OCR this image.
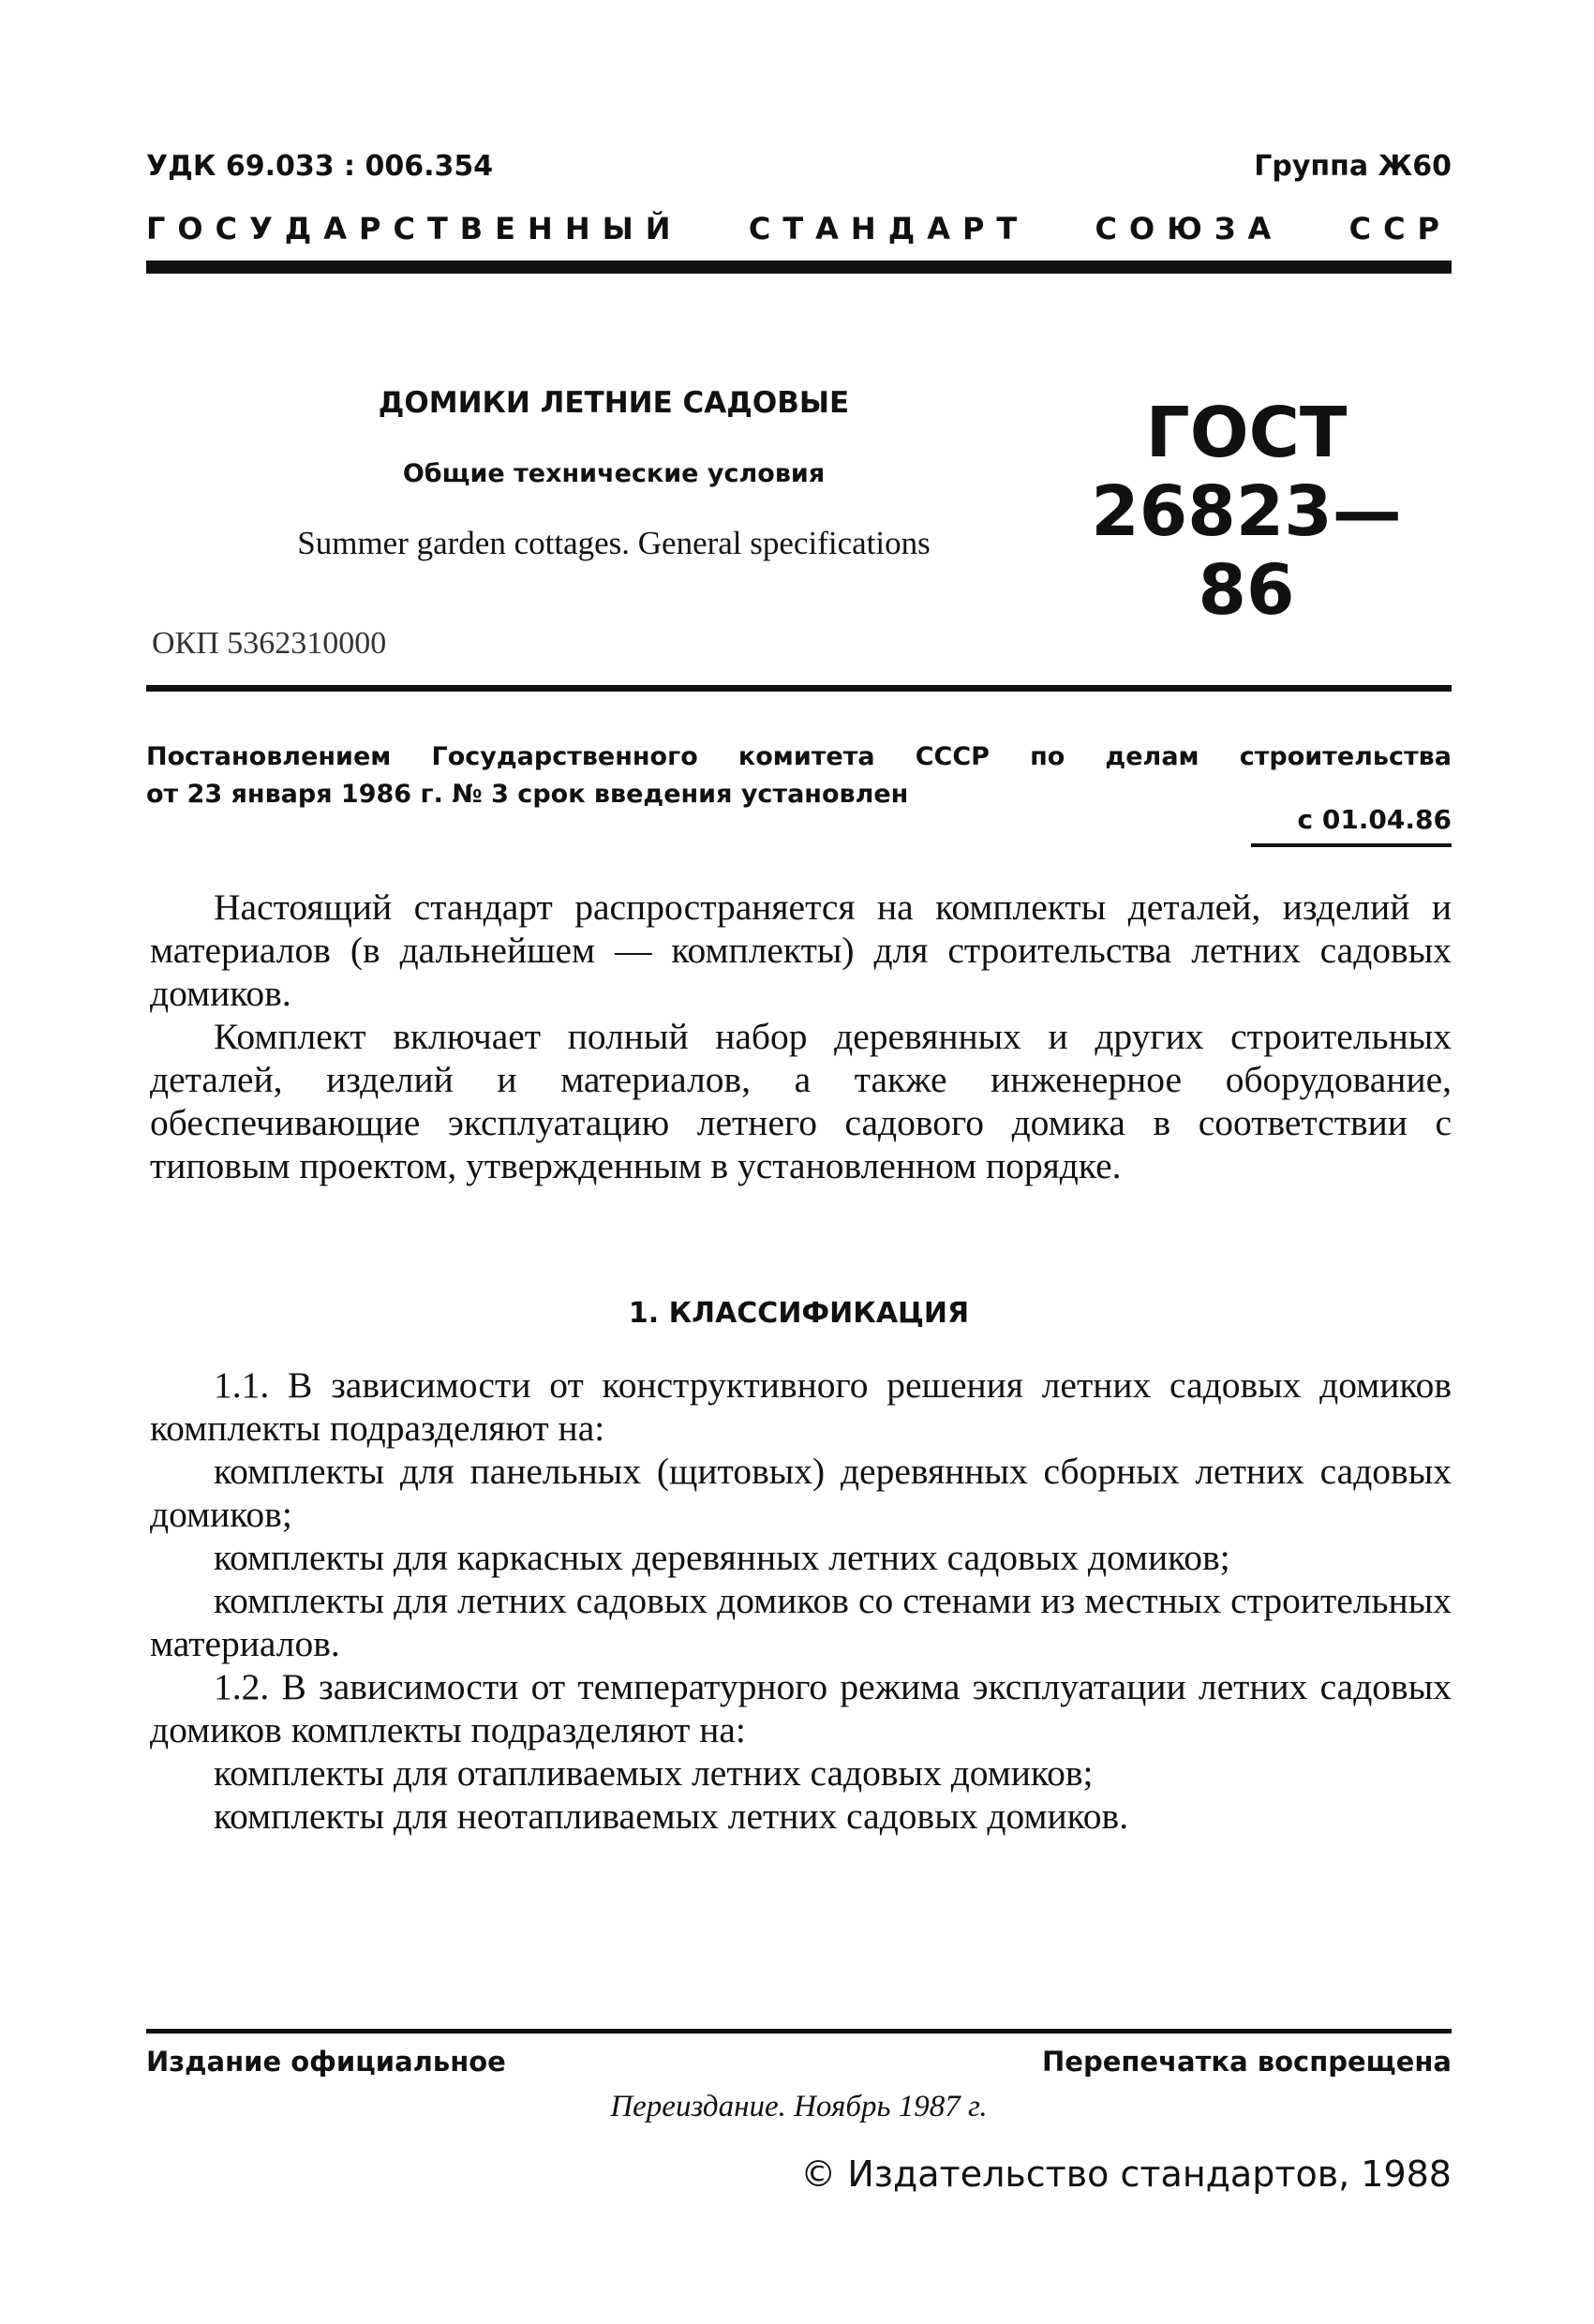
УДК 69.033 : 006.354	Группа Ж60
ГОСУДАРСТВЕННЫЙ СТАНДАРТ СОЮЗА ССР
ДОМИКИ ЛЕТНИЕ САДОВЫЕ
Общие технические условия
Summer garden cottages. General specifications
ГОСТ
26823—86
ОКП 5362310000
Постановлением Государственного комитета СССР по делам строительства
от 23 января 1986 г. № 3 срок введения установлен
с 01.04.86

Настоящий стандарт распространяется на комплекты деталей, изделий и материалов (в дальнейшем — комплекты) для строительства летних садовых домиков.

Комплект включает полный набор деревянных и других строительных деталей, изделий и материалов, а также инженерное оборудование, обеспечивающие эксплуатацию летнего садового домика в соответствии с типовым проектом, утвержденным в установленном порядке.

1. КЛАССИФИКАЦИЯ

1.1. В зависимости от конструктивного решения летних садовых домиков комплекты подразделяют на:

комплекты для панельных (щитовых) деревянных сборных летних садовых домиков;

комплекты для каркасных деревянных летних садовых домиков;

комплекты для летних садовых домиков со стенами из местных строительных материалов.

1.2. В зависимости от температурного режима эксплуатации летних садовых домиков комплекты подразделяют на:

комплекты для отапливаемых летних садовых домиков;

комплекты для неотапливаемых летних садовых домиков.

Издание официальное	Перепечатка воспрещена
Переиздание. Ноябрь 1987 г.
© Издательство стандартов, 1988
